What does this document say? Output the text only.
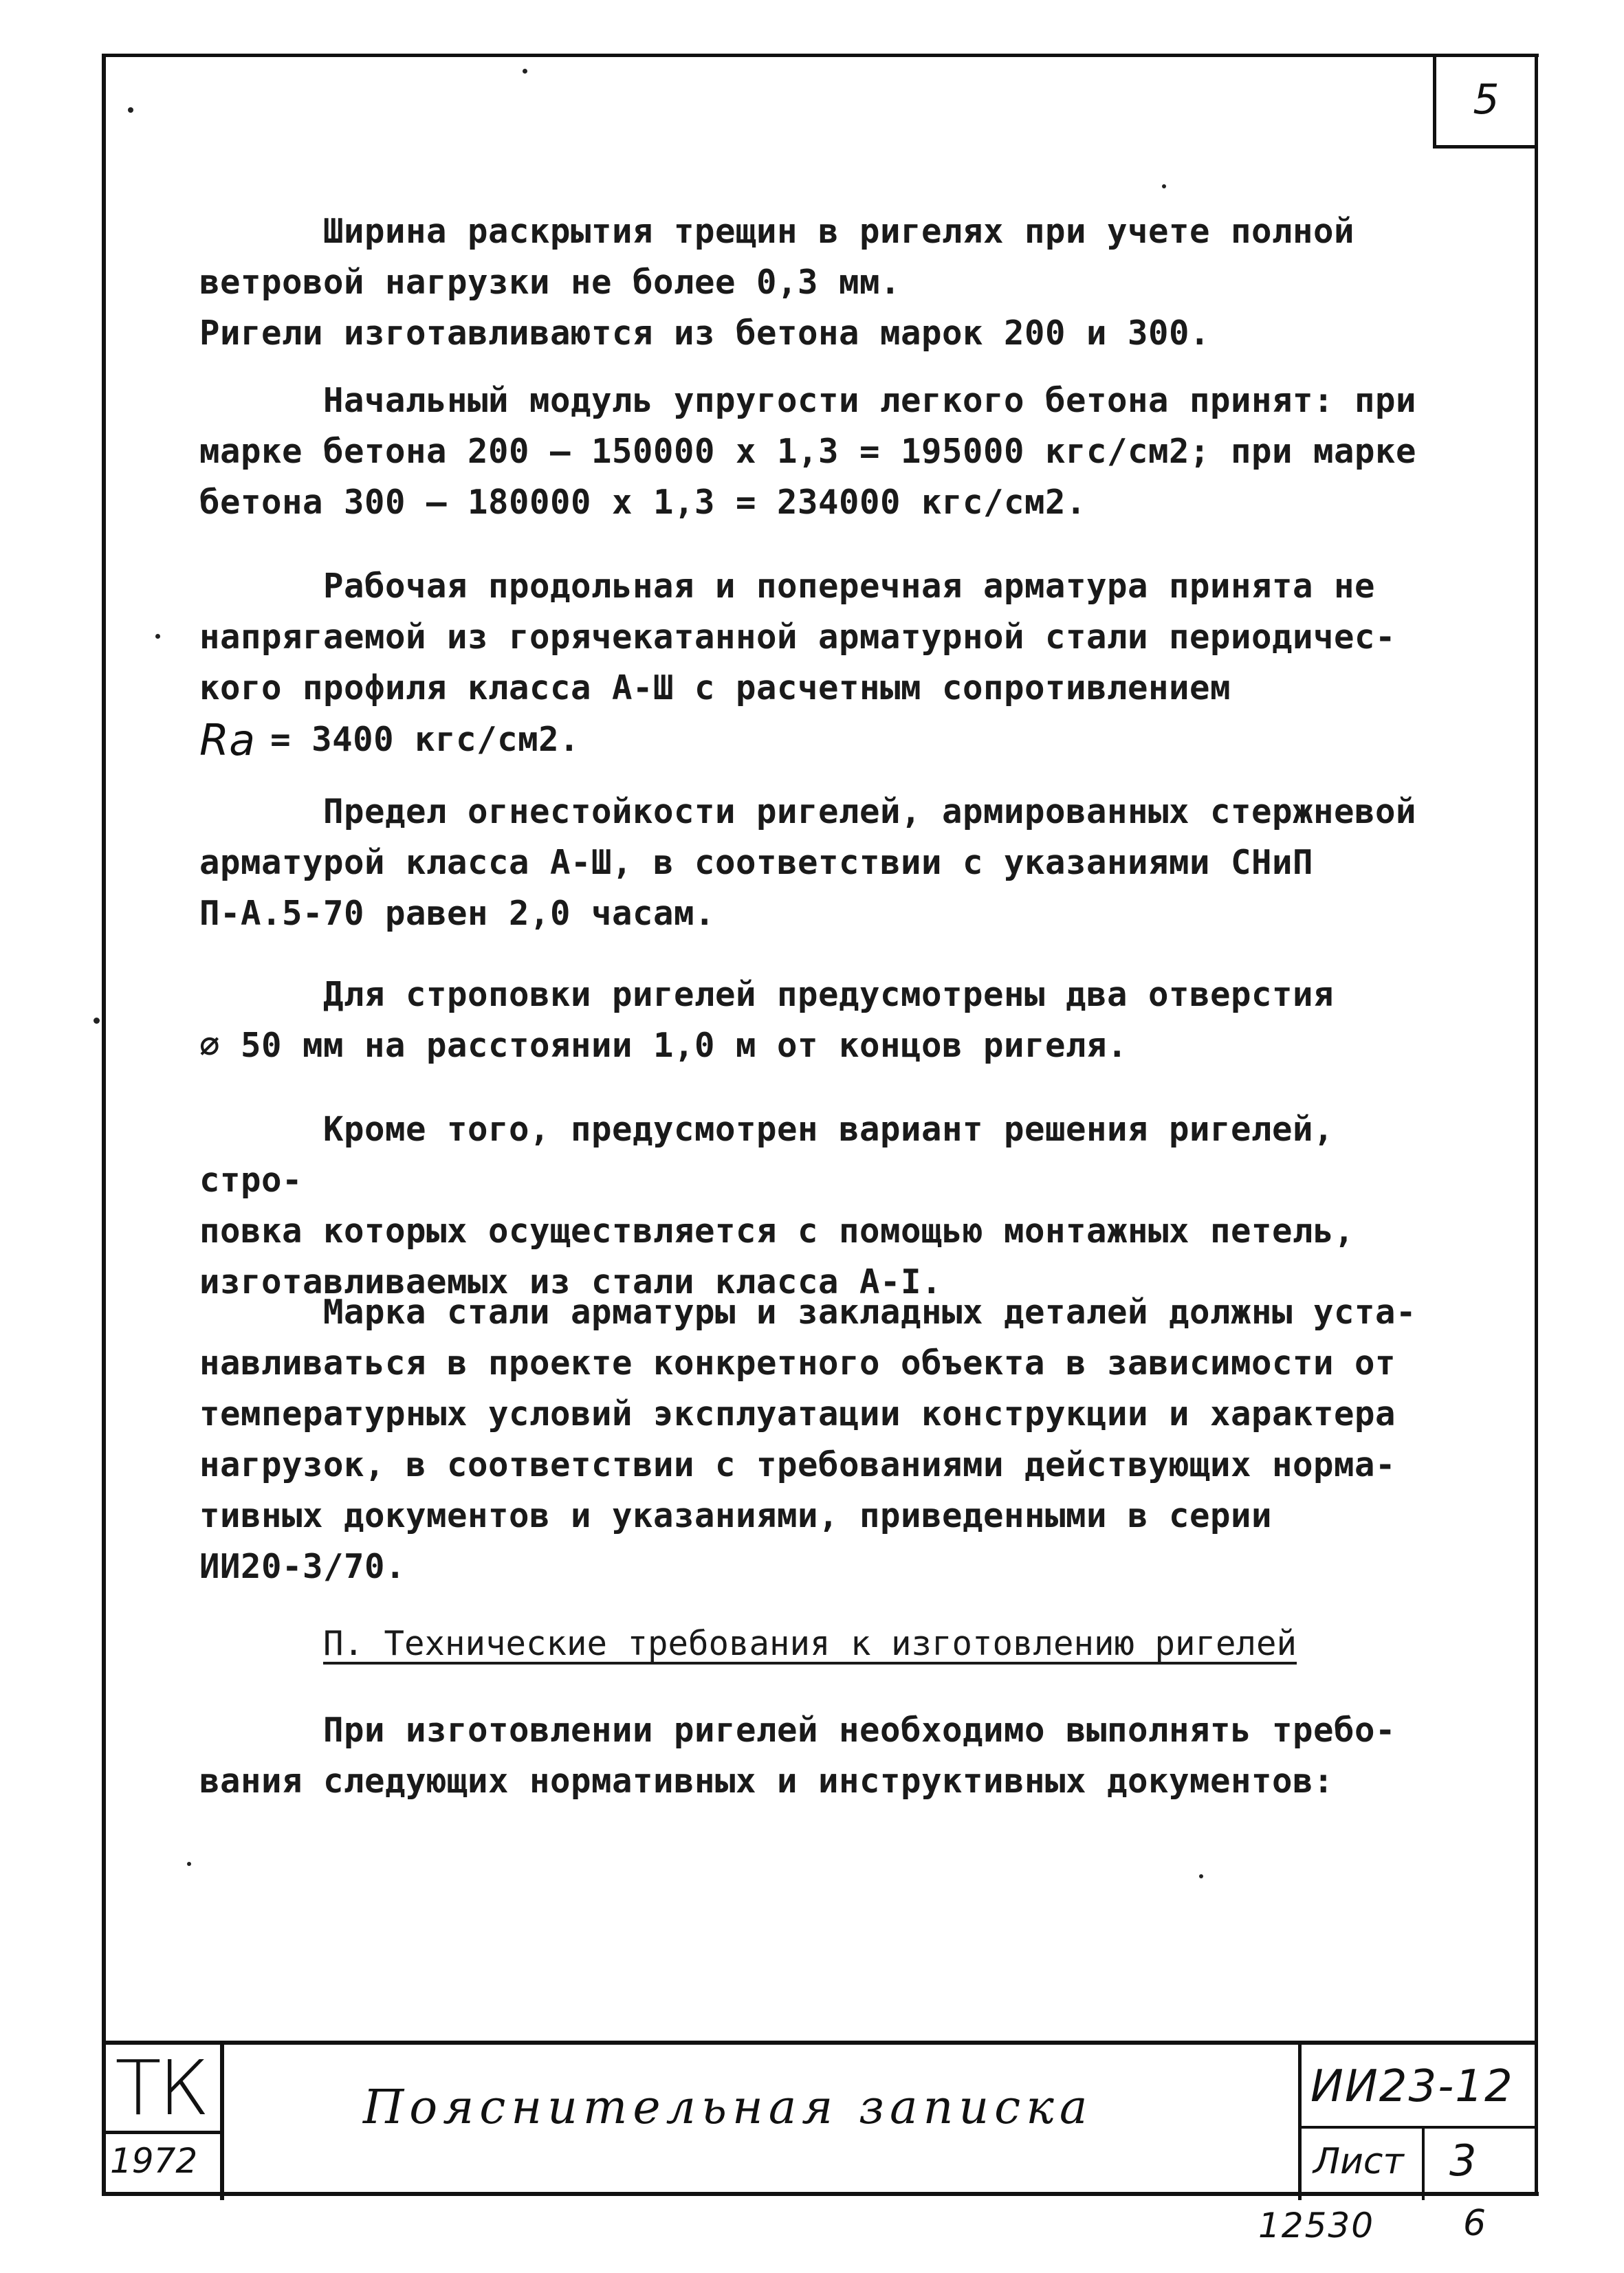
5

Ширина раскрытия трещин в ригелях при учете полной
ветровой нагрузки не более 0,3 мм.

Ригели изготавливаются из бетона марок 200 и 300.

Начальный модуль упругости легкого бетона принят: при
марке бетона 200 – 150000 x 1,3 = 195000 кгс/см2; при марке
бетона 300 – 180000 x 1,3 = 234000 кгс/см2.

Рабочая продольная и поперечная арматура принята не
напрягаемой из горячекатанной арматурной стали периодичес-
кого профиля класса А-Ш с расчетным сопротивлением

Ra = 3400 кгс/см2.

Предел огнестойкости ригелей, армированных стержневой
арматурой класса А-Ш, в соответствии с указаниями СНиП
П-А.5-70 равен 2,0 часам.

Для строповки ригелей предусмотрены два отверстия
∅ 50 мм на расстоянии 1,0 м от концов ригеля.

Кроме того, предусмотрен вариант решения ригелей, стро-
повка которых осуществляется с помощью монтажных петель,
изготавливаемых из стали класса А-I.

Марка стали арматуры и закладных деталей должны уста-
навливаться в проекте конкретного объекта в зависимости от
температурных условий эксплуатации конструкции и характера
нагрузок, в соответствии с требованиями действующих норма-
тивных документов и указаниями, приведенными в серии
ИИ20-3/70.

П. Технические требования к изготовлению ригелей

При изготовлении ригелей необходимо выполнять требо-
вания следующих нормативных и инструктивных документов:

ТК
1972
Пояснительная записка	ИИ23-12
Лист 3
12530 6
